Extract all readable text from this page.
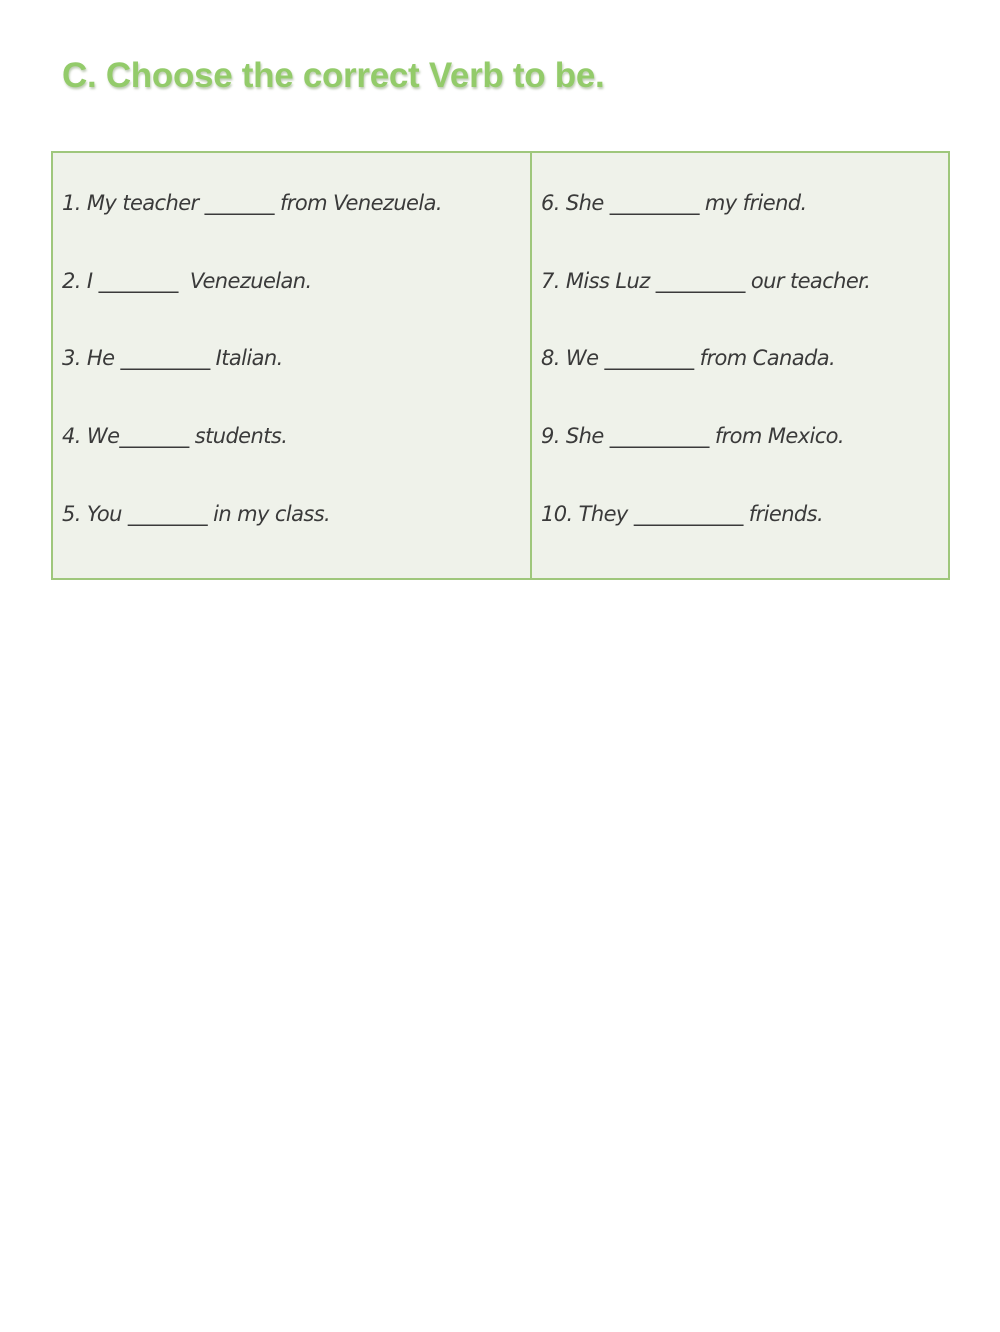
C. Choose the correct Verb to be.
1. My teacher _______ from Venezuela.
2. I ________  Venezuelan.
3. He _________ Italian.
4. We_______ students.
5. You ________ in my class.
6. She _________ my friend.
7. Miss Luz _________ our teacher.
8. We _________ from Canada.
9. She __________ from Mexico.
10. They ___________ friends.
